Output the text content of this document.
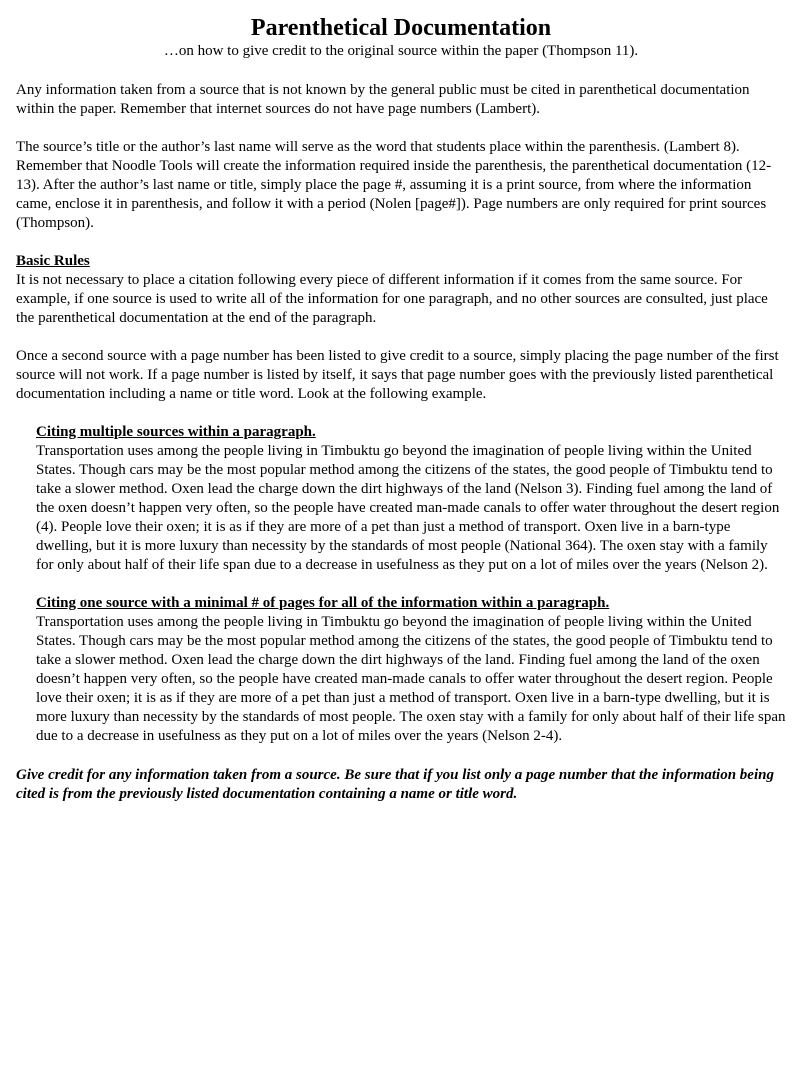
Parenthetical Documentation

…on how to give credit to the original source within the paper (Thompson 11).

Any information taken from a source that is not known by the general public must be cited in parenthetical documentation within the paper. Remember that internet sources do not have page numbers (Lambert).

The source’s title or the author’s last name will serve as the word that students place within the parenthesis. (Lambert 8). Remember that Noodle Tools will create the information required inside the parenthesis, the parenthetical documentation (12-13). After the author’s last name or title, simply place the page #, assuming it is a print source, from where the information came, enclose it in parenthesis, and follow it with a period (Nolen [page#]). Page numbers are only required for print sources (Thompson).

Basic Rules

It is not necessary to place a citation following every piece of different information if it comes from the same source. For example, if one source is used to write all of the information for one paragraph, and no other sources are consulted, just place the parenthetical documentation at the end of the paragraph.

Once a second source with a page number has been listed to give credit to a source, simply placing the page number of the first source will not work. If a page number is listed by itself, it says that page number goes with the previously listed parenthetical documentation including a name or title word. Look at the following example.

Citing multiple sources within a paragraph.

Transportation uses among the people living in Timbuktu go beyond the imagination of people living within the United States. Though cars may be the most popular method among the citizens of the states, the good people of Timbuktu tend to take a slower method. Oxen lead the charge down the dirt highways of the land (Nelson 3). Finding fuel among the land of the oxen doesn’t happen very often, so the people have created man-made canals to offer water throughout the desert region (4). People love their oxen; it is as if they are more of a pet than just a method of transport. Oxen live in a barn-type dwelling, but it is more luxury than necessity by the standards of most people (National 364). The oxen stay with a family for only about half of their life span due to a decrease in usefulness as they put on a lot of miles over the years (Nelson 2).

Citing one source with a minimal # of pages for all of the information within a paragraph.

Transportation uses among the people living in Timbuktu go beyond the imagination of people living within the United States. Though cars may be the most popular method among the citizens of the states, the good people of Timbuktu tend to take a slower method. Oxen lead the charge down the dirt highways of the land. Finding fuel among the land of the oxen doesn’t happen very often, so the people have created man-made canals to offer water throughout the desert region. People love their oxen; it is as if they are more of a pet than just a method of transport. Oxen live in a barn-type dwelling, but it is more luxury than necessity by the standards of most people. The oxen stay with a family for only about half of their life span due to a decrease in usefulness as they put on a lot of miles over the years (Nelson 2-4).

Give credit for any information taken from a source. Be sure that if you list only a page number that the information being cited is from the previously listed documentation containing a name or title word.
